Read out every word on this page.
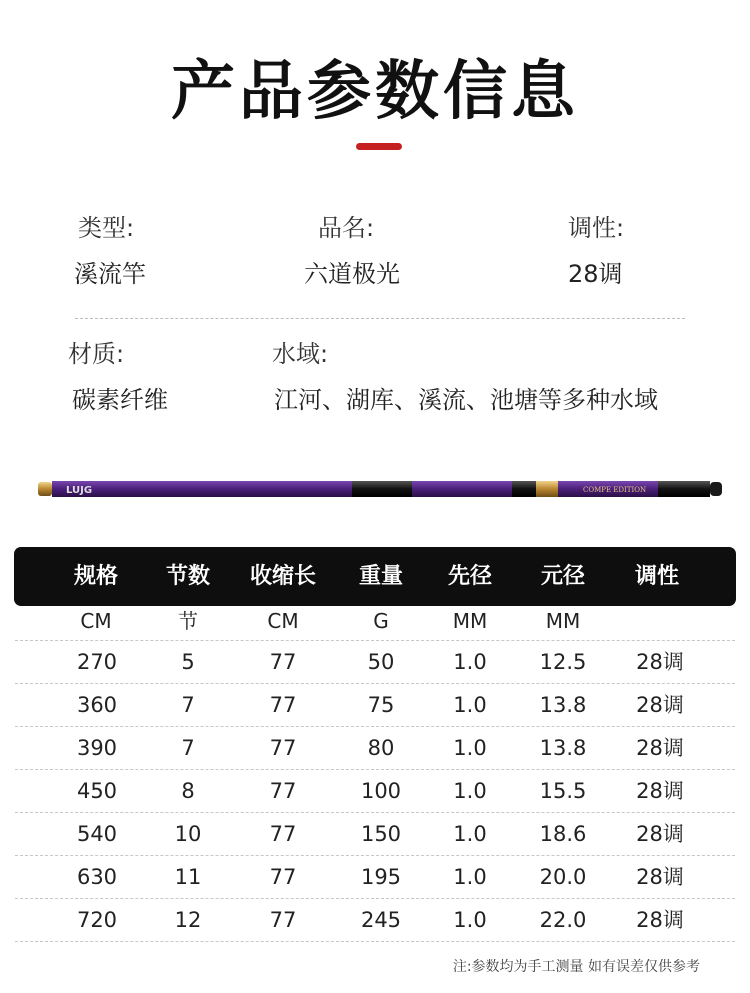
产品参数信息
类型:
溪流竿
品名:
六道极光
调性:
28调
材质:
碳素纤维
水域:
江河、湖库、溪流、池塘等多种水域
LUJG	COMPE EDITION
规格	节数	收缩长	重量	先径	元径	调性
CM	节	CM	G	MM	MM
270	5	77	50	1.0	12.5	28调
360	7	77	75	1.0	13.8	28调
390	7	77	80	1.0	13.8	28调
450	8	77	100	1.0	15.5	28调
540	10	77	150	1.0	18.6	28调
630	11	77	195	1.0	20.0	28调
720	12	77	245	1.0	22.0	28调
注:参数均为手工测量 如有误差仅供参考
